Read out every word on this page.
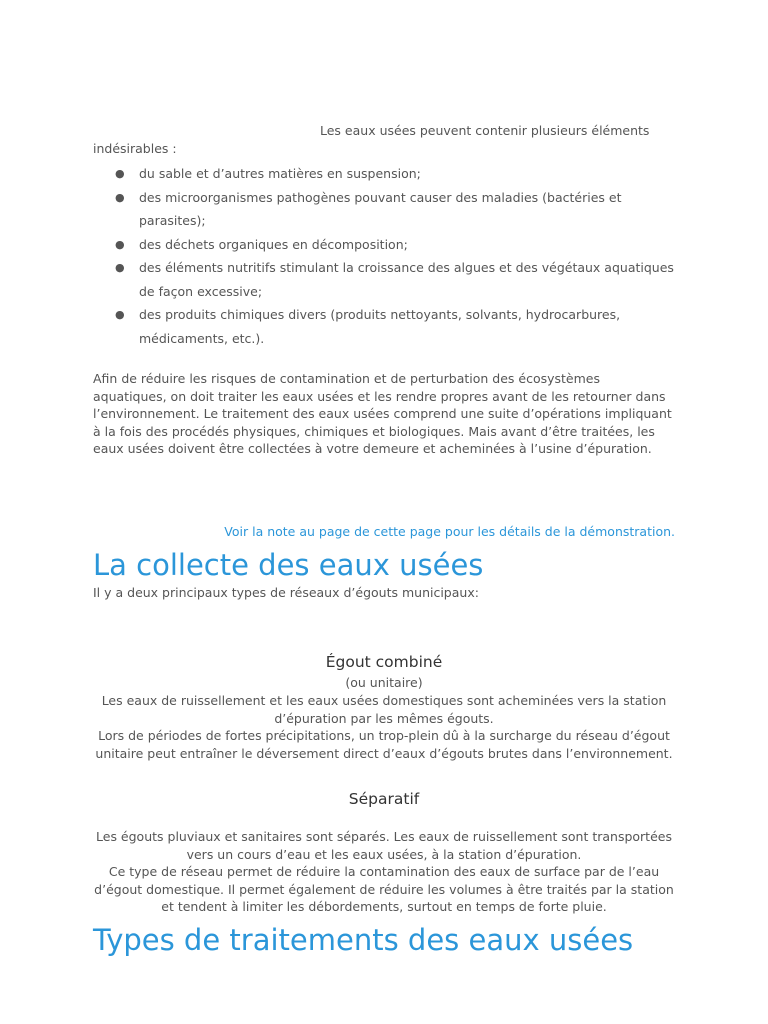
Les eaux usées peuvent contenir plusieurs éléments
indésirables :
● du sable et d’autres matières en suspension;
● des microorganismes pathogènes pouvant causer des maladies (bactéries et
parasites);
● des déchets organiques en décomposition;
● des éléments nutritifs stimulant la croissance des algues et des végétaux aquatiques
de façon excessive;
● des produits chimiques divers (produits nettoyants, solvants, hydrocarbures,
médicaments, etc.).
Afin de réduire les risques de contamination et de perturbation des écosystèmes
aquatiques, on doit traiter les eaux usées et les rendre propres avant de les retourner dans
l’environnement. Le traitement des eaux usées comprend une suite d’opérations impliquant
à la fois des procédés physiques, chimiques et biologiques. Mais avant d’être traitées, les
eaux usées doivent être collectées à votre demeure et acheminées à l’usine d’épuration.
Voir la note au page de cette page pour les détails de la démonstration.
La collecte des eaux usées
Il y a deux principaux types de réseaux d’égouts municipaux:
Égout combiné
(ou unitaire)
Les eaux de ruissellement et les eaux usées domestiques sont acheminées vers la station
d’épuration par les mêmes égouts.
Lors de périodes de fortes précipitations, un trop-plein dû à la surcharge du réseau d’égout
unitaire peut entraîner le déversement direct d’eaux d’égouts brutes dans l’environnement.
Séparatif
Les égouts pluviaux et sanitaires sont séparés. Les eaux de ruissellement sont transportées
vers un cours d’eau et les eaux usées, à la station d’épuration.
Ce type de réseau permet de réduire la contamination des eaux de surface par de l’eau
d’égout domestique. Il permet également de réduire les volumes à être traités par la station
et tendent à limiter les débordements, surtout en temps de forte pluie.
Types de traitements des eaux usées
